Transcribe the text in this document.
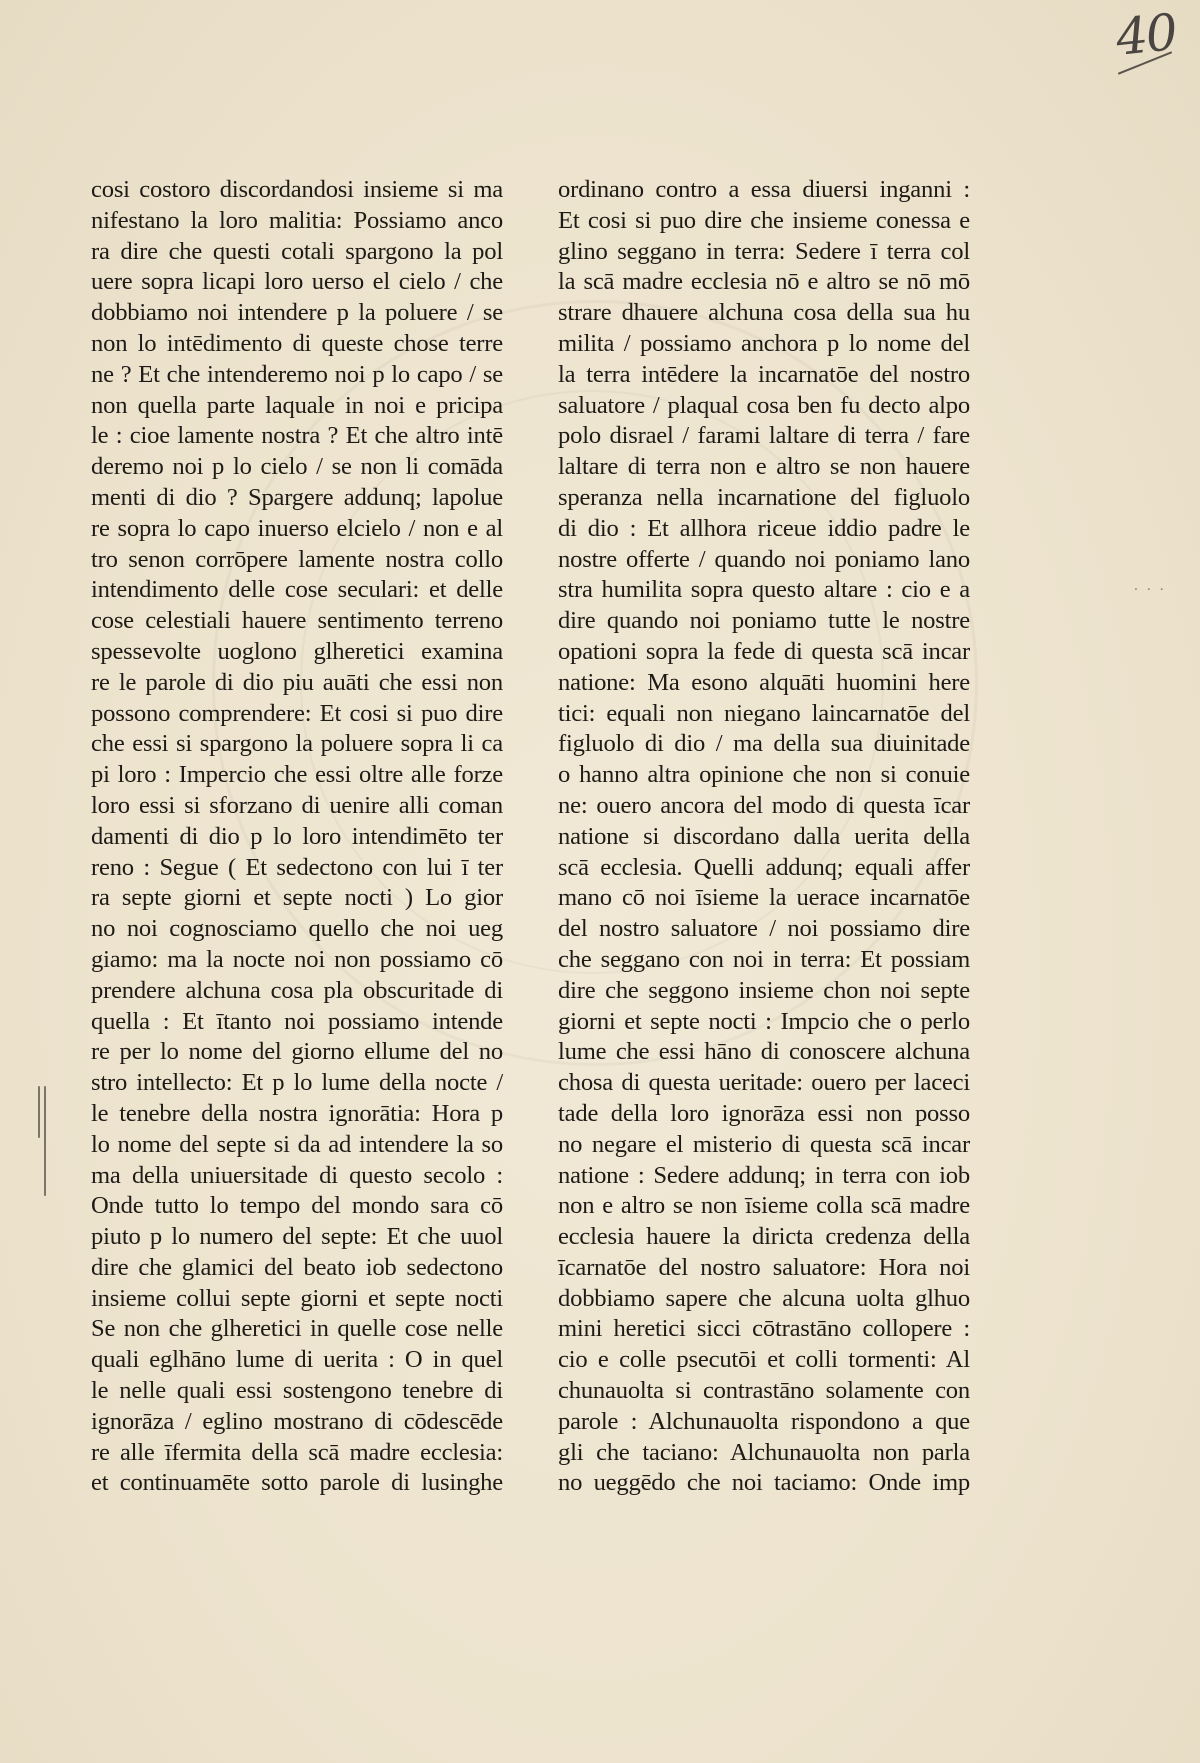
40
cosi costoro discordandosi insieme si ma
nifestano la loro malitia: Possiamo anco
ra dire che questi cotali spargono la pol
uere sopra licapi loro uerso el cielo / che
dobbiamo noi intendere p la poluere / se
non lo intēdimento di queste chose terre
ne ? Et che intenderemo noi p lo capo / se
non quella parte laquale in noi e pricipa
le : cioe lamente nostra ? Et che altro intē
deremo noi p lo cielo / se non li comāda
menti di dio ? Spargere addunq; lapolue
re sopra lo capo inuerso elcielo / non e al
tro senon corrōpere lamente nostra collo
intendimento delle cose seculari: et delle
cose celestiali hauere sentimento terreno
spessevolte uoglono glheretici examina
re le parole di dio piu auāti che essi non
possono comprendere: Et cosi si puo dire
che essi si spargono la poluere sopra li ca
pi loro : Impercio che essi oltre alle forze
loro essi si sforzano di uenire alli coman
damenti di dio p lo loro intendimēto ter
reno : Segue ( Et sedectono con lui ī ter
ra septe giorni et septe nocti ) Lo gior
no noi cognosciamo quello che noi ueg
giamo: ma la nocte noi non possiamo cō
prendere alchuna cosa pla obscuritade di
quella : Et ītanto noi possiamo intende
re per lo nome del giorno ellume del no
stro intellecto: Et p lo lume della nocte /
le tenebre della nostra ignorātia: Hora p
lo nome del septe si da ad intendere la so
ma della uniuersitade di questo secolo :
Onde tutto lo tempo del mondo sara cō
piuto p lo numero del septe: Et che uuol
dire che glamici del beato iob sedectono
insieme collui septe giorni et septe nocti
Se non che glheretici in quelle cose nelle
quali eglhāno lume di uerita : O in quel
le nelle quali essi sostengono tenebre di
ignorāza / eglino mostrano di cōdescēde
re alle īfermita della scā madre ecclesia:
et continuamēte sotto parole di lusinghe
ordinano contro a essa diuersi inganni :
Et cosi si puo dire che insieme conessa e
glino seggano in terra: Sedere ī terra col
la scā madre ecclesia nō e altro se nō mō
strare dhauere alchuna cosa della sua hu
milita / possiamo anchora p lo nome del
la terra intēdere la incarnatōe del nostro
saluatore / plaqual cosa ben fu decto alpo
polo disrael / farami laltare di terra / fare
laltare di terra non e altro se non hauere
speranza nella incarnatione del figluolo
di dio : Et allhora riceue iddio padre le
nostre offerte / quando noi poniamo lano
stra humilita sopra questo altare : cio e a
dire quando noi poniamo tutte le nostre
opationi sopra la fede di questa scā incar
natione: Ma esono alquāti huomini here
tici: equali non niegano laincarnatōe del
figluolo di dio / ma della sua diuinitade
o hanno altra opinione che non si conuie
ne: ouero ancora del modo di questa īcar
natione si discordano dalla uerita della
scā ecclesia. Quelli addunq; equali affer
mano cō noi īsieme la uerace incarnatōe
del nostro saluatore / noi possiamo dire
che seggano con noi in terra: Et possiam
dire che seggono insieme chon noi septe
giorni et septe nocti : Impcio che o perlo
lume che essi hāno di conoscere alchuna
chosa di questa ueritade: ouero per laceci
tade della loro ignorāza essi non posso
no negare el misterio di questa scā incar
natione : Sedere addunq; in terra con iob
non e altro se non īsieme colla scā madre
ecclesia hauere la diricta credenza della
īcarnatōe del nostro saluatore: Hora noi
dobbiamo sapere che alcuna uolta glhuo
mini heretici sicci cōtrastāno collopere :
cio e colle psecutōi et colli tormenti: Al
chunauolta si contrastāno solamente con
parole : Alchunauolta rispondono a que
gli che taciano: Alchunauolta non parla
no ueggēdo che noi taciamo: Onde imp
· · ·
